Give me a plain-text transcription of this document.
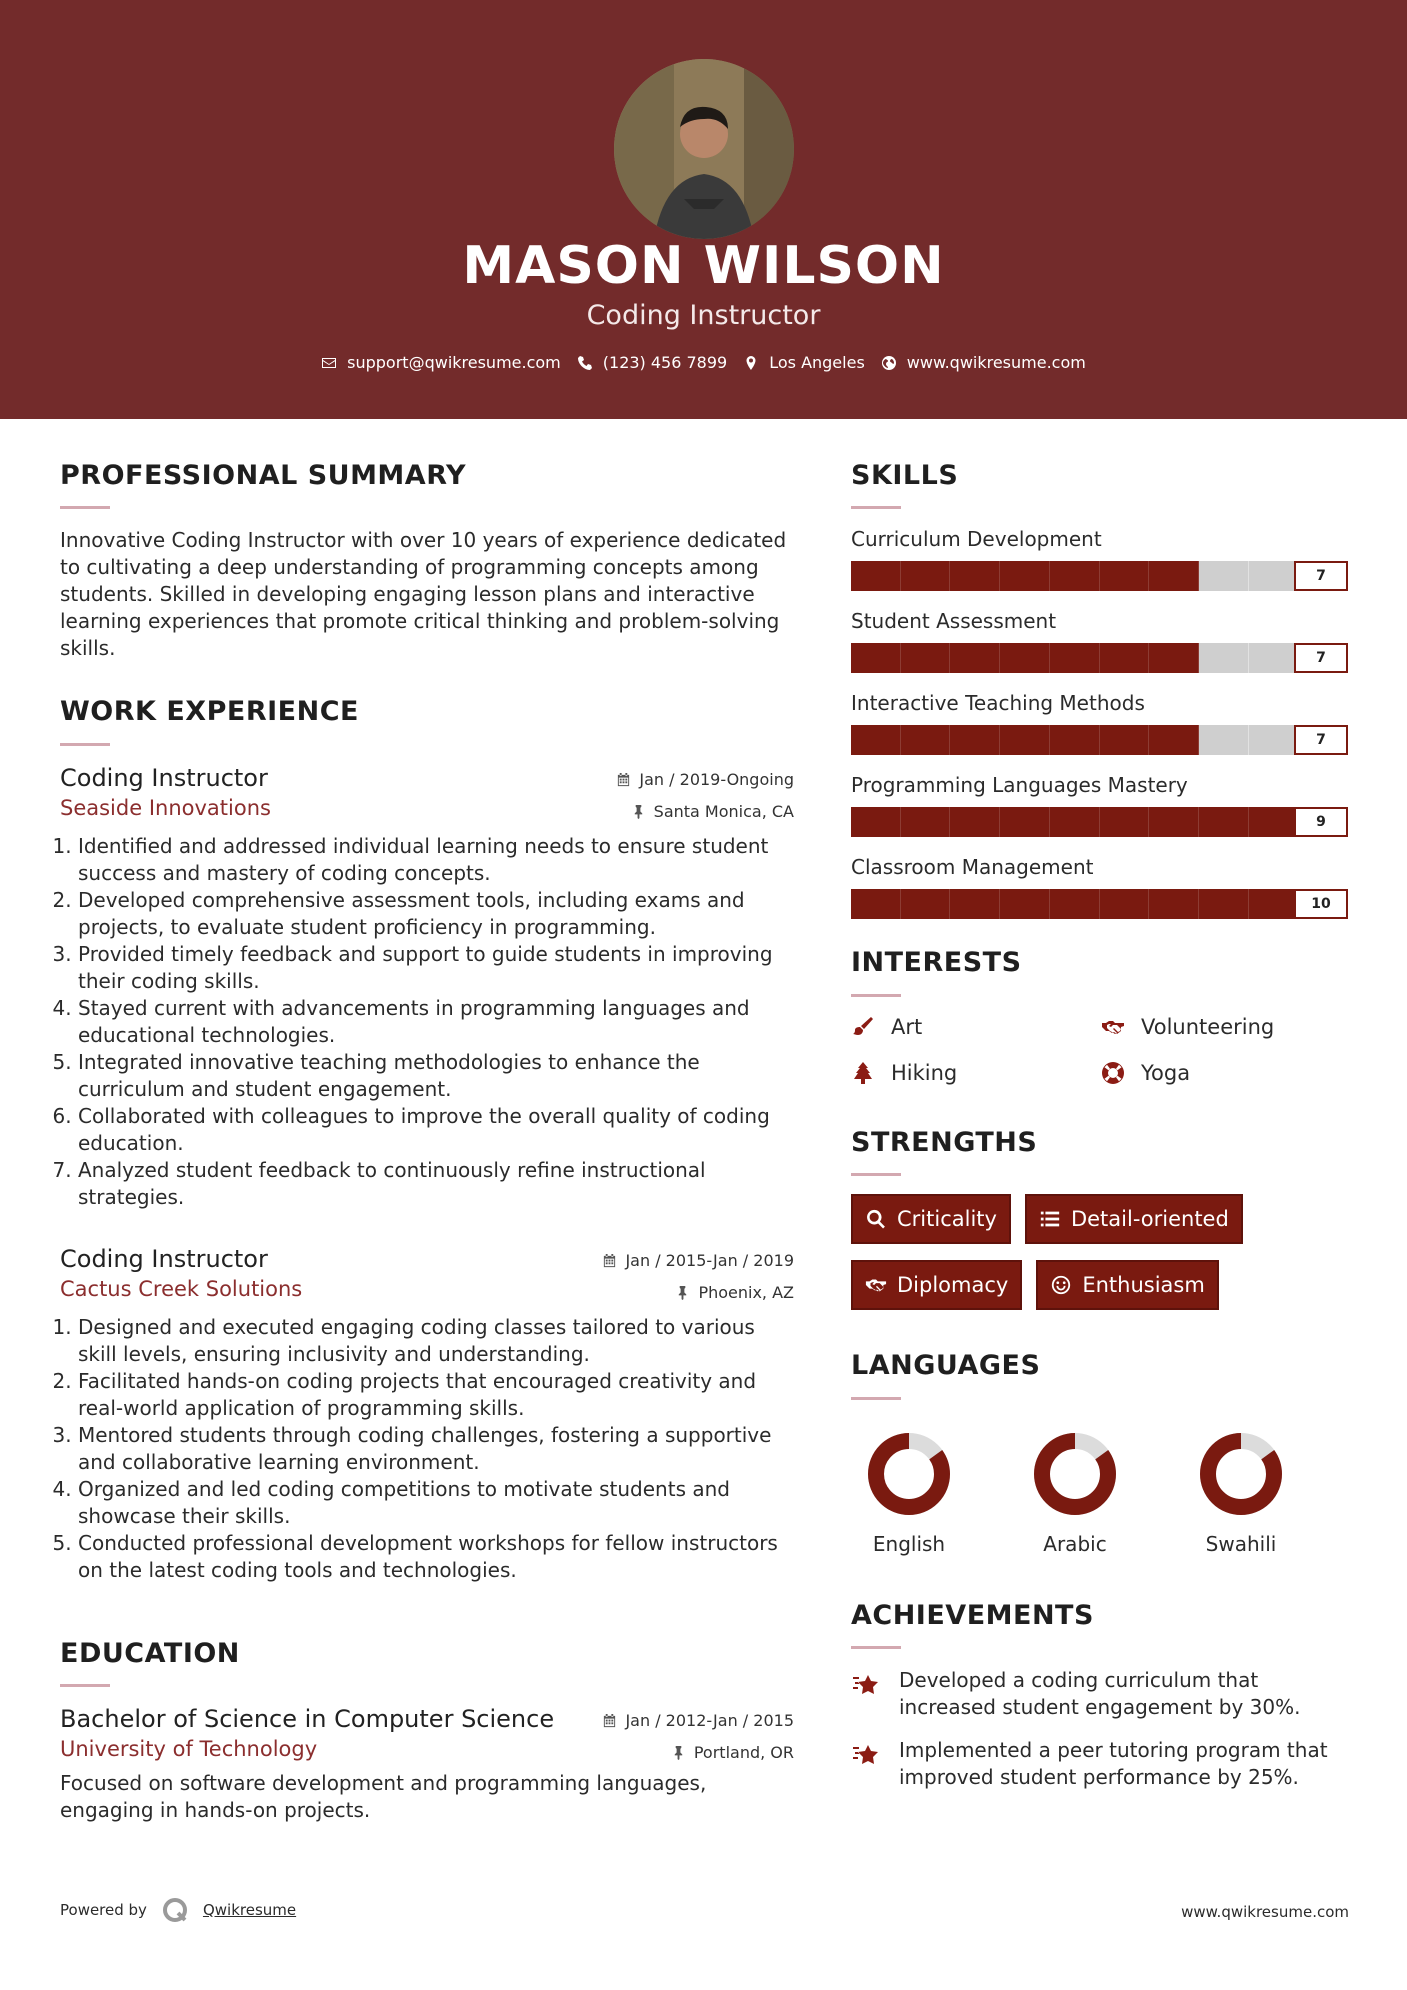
MASON WILSON
Coding Instructor
support@qwikresume.com	(123) 456 7899	Los Angeles	www.qwikresume.com
PROFESSIONAL SUMMARY

Innovative Coding Instructor with over 10 years of experience dedicated to cultivating a deep understanding of programming concepts among students. Skilled in developing engaging lesson plans and interactive learning experiences that promote critical thinking and problem-solving skills.

WORK EXPERIENCE
Coding Instructor	Jan / 2019-Ongoing
Seaside Innovations	Santa Monica, CA
1. Identified and addressed individual learning needs to ensure student success and mastery of coding concepts.
2. Developed comprehensive assessment tools, including exams and projects, to evaluate student proficiency in programming.
3. Provided timely feedback and support to guide students in improving their coding skills.
4. Stayed current with advancements in programming languages and educational technologies.
5. Integrated innovative teaching methodologies to enhance the curriculum and student engagement.
6. Collaborated with colleagues to improve the overall quality of coding education.
7. Analyzed student feedback to continuously refine instructional strategies.
Coding Instructor	Jan / 2015-Jan / 2019
Cactus Creek Solutions	Phoenix, AZ
1. Designed and executed engaging coding classes tailored to various skill levels, ensuring inclusivity and understanding.
2. Facilitated hands-on coding projects that encouraged creativity and real-world application of programming skills.
3. Mentored students through coding challenges, fostering a supportive and collaborative learning environment.
4. Organized and led coding competitions to motivate students and showcase their skills.
5. Conducted professional development workshops for fellow instructors on the latest coding tools and technologies.
EDUCATION
Bachelor of Science in Computer Science	Jan / 2012-Jan / 2015
University of Technology	Portland, OR

Focused on software development and programming languages, engaging in hands-on projects.

SKILLS
Curriculum Development
7
Student Assessment
7
Interactive Teaching Methods
7
Programming Languages Mastery
9
Classroom Management
10
INTERESTS
Art	Volunteering
Hiking	Yoga
STRENGTHS
Criticality	Detail-oriented
Diplomacy	Enthusiasm
LANGUAGES
English	Arabic	Swahili
ACHIEVEMENTS
Developed a coding curriculum that increased student engagement by 30%.
Implemented a peer tutoring program that improved student performance by 25%.
Powered by	Qwikresume	www.qwikresume.com
